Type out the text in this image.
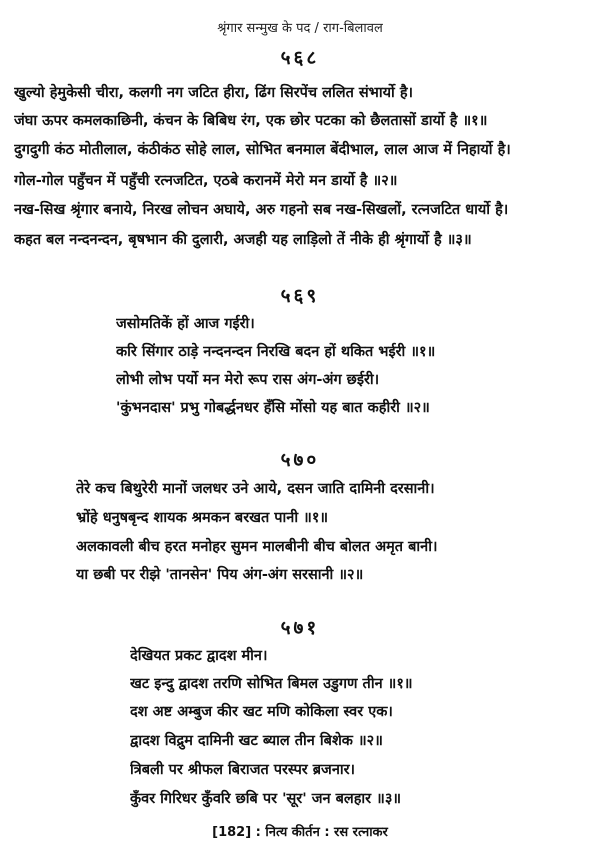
श्रृंगार सन्मुख के पद / राग-बिलावल
५६८
खुल्यो हेमुकेसी चीरा, कलगी नग जटित हीरा, ढिंग सिरपेंच ललित संभार्यो है।
जंघा ऊपर कमलकाछिनी, कंचन के बिबिध रंग, एक छोर पटका को छैलतासों डार्यो है ॥१॥
दुगदुगी कंठ मोतीलाल, कंठीकंठ सोहे लाल, सोभित बनमाल बेंदीभाल, लाल आज में निहार्यो है।
गोल-गोल पहुँचन में पहुँची रत्नजटित, एठबे करानमें मेरो मन डार्यो है ॥२॥
नख-सिख श्रृंगार बनाये, निरख लोचन अघाये, अरु गहनो सब नख-सिखलों, रत्नजटित धार्यो है।
कहत बल नन्दनन्दन, बृषभान की दुलारी, अजही यह लाड़िलो तें नीके ही श्रृंगार्यो है ॥३॥
५६९
जसोमतिकें हों आज गईरी।
करि सिंगार ठाड़े नन्दनन्दन निरखि बदन हों थकित भईरी ॥१॥
लोभी लोभ पर्यो मन मेरो रूप रास अंग-अंग छईरी।
'कुंभनदास' प्रभु गोबर्द्धनधर हँसि मोंसो यह बात कहीरी ॥२॥
५७०
तेरे कच बिथुरेरी मानों जलधर उने आये, दसन जाति दामिनी दरसानी।
भ्रोंहे धनुषबृन्द शायक श्रमकन बरखत पानी ॥१॥
अलकावली बीच हरत मनोहर सुमन मालबीनी बीच बोलत अमृत बानी।
या छबी पर रीझे 'तानसेन' पिय अंग-अंग सरसानी ॥२॥
५७१
देखियत प्रकट द्वादश मीन।
खट इन्दु द्वादश तरणि सोभित बिमल उडुगण तीन ॥१॥
दश अष्ट अम्बुज कीर खट मणि कोकिला स्वर एक।
द्वादश विद्रुम दामिनी खट ब्याल तीन बिशेक ॥२॥
त्रिबली पर श्रीफल बिराजत परस्पर ब्रजनार।
कुँवर गिरिधर कुँवरि छबि पर 'सूर' जन बलहार ॥३॥
[182] : नित्य कीर्तन : रस रत्नाकर
